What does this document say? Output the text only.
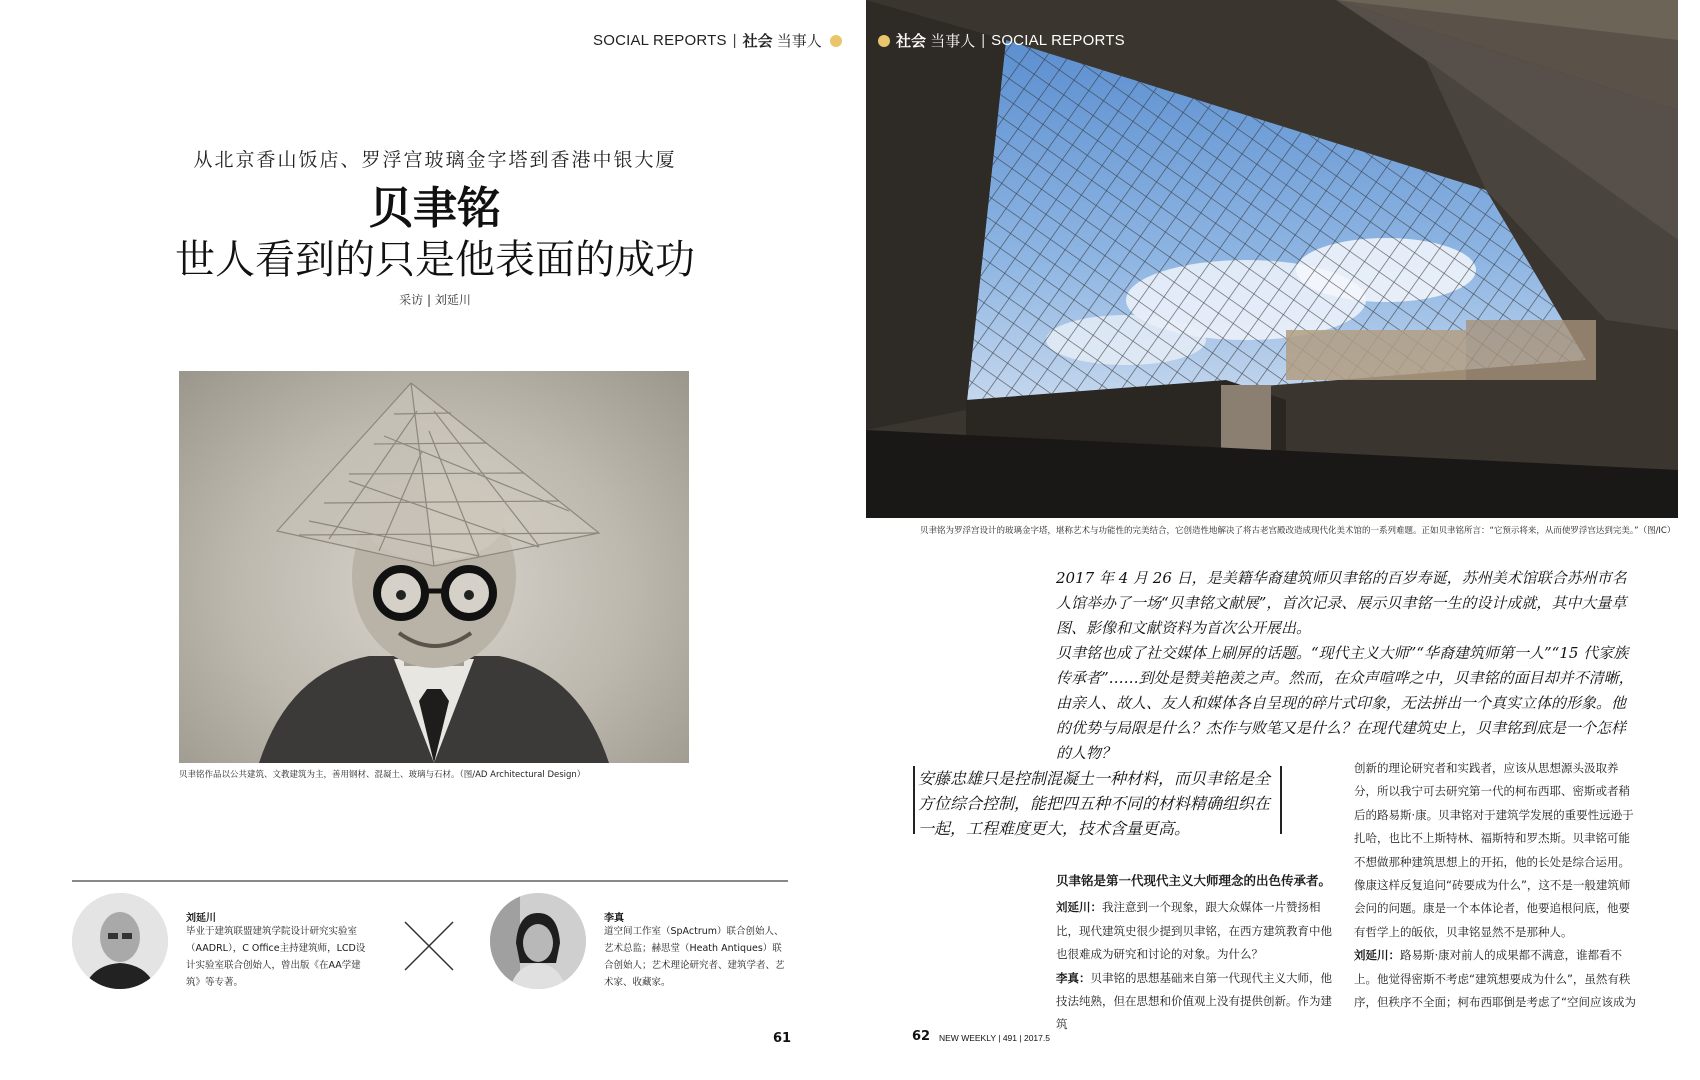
SOCIAL REPORTS | 社会 当事人
从北京香山饭店、罗浮宫玻璃金字塔到香港中银大厦
贝聿铭
世人看到的只是他表面的成功
采访 | 刘延川
贝聿铭作品以公共建筑、文教建筑为主，善用钢材、混凝土、玻璃与石材。（图/AD Architectural Design）
刘延川
毕业于建筑联盟建筑学院设计研究实验室（AADRL），C Office主持建筑师，LCD设计实验室联合创始人，曾出版《在AA学建筑》等专著。
李真
道空间工作室（SpActrum）联合创始人、艺术总监；赫思堂（Heath Antiques）联合创始人；艺术理论研究者、建筑学者、艺术家、收藏家。
61
社会 当事人 | SOCIAL REPORTS
贝聿铭为罗浮宫设计的玻璃金字塔，堪称艺术与功能性的完美结合，它创造性地解决了将古老宫殿改造成现代化美术馆的一系列难题。正如贝聿铭所言：“它预示将来，从而使罗浮宫达到完美。”（图/IC）

2017 年 4 月 26 日，是美籍华裔建筑师贝聿铭的百岁寿诞，苏州美术馆联合苏州市名人馆举办了一场“贝聿铭文献展”，首次记录、展示贝聿铭一生的设计成就，其中大量草图、影像和文献资料为首次公开展出。

贝聿铭也成了社交媒体上刷屏的话题。“现代主义大师”“华裔建筑师第一人”“15 代家族传承者”……到处是赞美艳羡之声。然而，在众声喧哗之中，贝聿铭的面目却并不清晰，由亲人、故人、友人和媒体各自呈现的碎片式印象，无法拼出一个真实立体的形象。他的优势与局限是什么？杰作与败笔又是什么？在现代建筑史上，贝聿铭到底是一个怎样的人物？

安藤忠雄只是控制混凝土一种材料，而贝聿铭是全方位综合控制，能把四五种不同的材料精确组织在一起，工程难度更大，技术含量更高。

贝聿铭是第一代现代主义大师理念的出色传承者。

刘延川：我注意到一个现象，跟大众媒体一片赞扬相比，现代建筑史很少提到贝聿铭，在西方建筑教育中他也很难成为研究和讨论的对象。为什么？

李真：贝聿铭的思想基础来自第一代现代主义大师，他技法纯熟，但在思想和价值观上没有提供创新。作为建筑

创新的理论研究者和实践者，应该从思想源头汲取养分，所以我宁可去研究第一代的柯布西耶、密斯或者稍后的路易斯·康。贝聿铭对于建筑学发展的重要性远逊于扎哈，也比不上斯特林、福斯特和罗杰斯。贝聿铭可能不想做那种建筑思想上的开拓，他的长处是综合运用。像康这样反复追问“砖要成为什么”，这不是一般建筑师会问的问题。康是一个本体论者，他要追根问底，他要有哲学上的皈依，贝聿铭显然不是那种人。

刘延川：路易斯·康对前人的成果都不满意，谁都看不上。他觉得密斯不考虑“建筑想要成为什么”，虽然有秩序，但秩序不全面；柯布西耶倒是考虑了“空间应该成为

62 NEW WEEKLY | 491 | 2017.5
